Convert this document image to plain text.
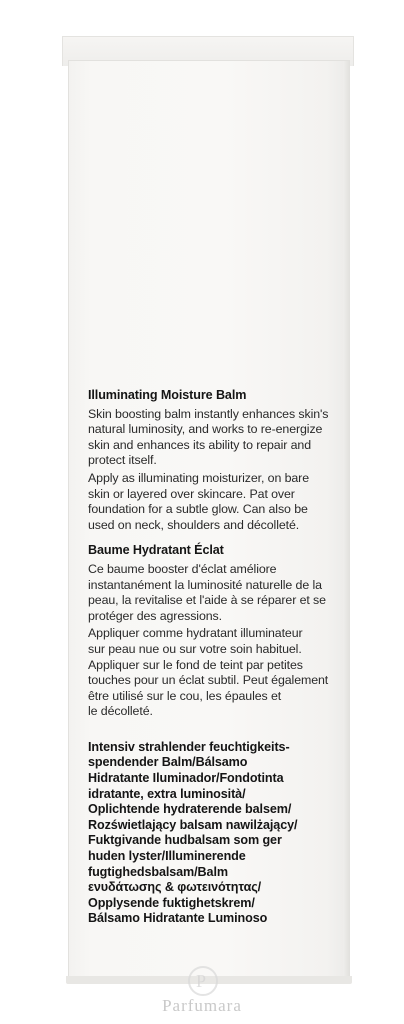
Illuminating Moisture Balm
Skin boosting balm instantly enhances skin's
natural luminosity, and works to re-energize
skin and enhances its ability to repair and
protect itself.
Apply as illuminating moisturizer, on bare
skin or layered over skincare. Pat over
foundation for a subtle glow. Can also be
used on neck, shoulders and décolleté.
Baume Hydratant Éclat
Ce baume booster d'éclat améliore
instantanément la luminosité naturelle de la
peau, la revitalise et l'aide à se réparer et se
protéger des agressions.
Appliquer comme hydratant illuminateur
sur peau nue ou sur votre soin habituel.
Appliquer sur le fond de teint par petites
touches pour un éclat subtil. Peut également
être utilisé sur le cou, les épaules et
le décolleté.
Intensiv strahlender feuchtigkeits-
spendender Balm/Bálsamo
Hidratante Iluminador/Fondotinta
idratante, extra luminosità/
Oplichtende hydraterende balsem/
Rozświetlający balsam nawilżający/
Fuktgivande hudbalsam som ger
huden lyster/Illuminerende
fugtighedsbalsam/Balm
ενυδάτωσης & φωτεινότητας/
Opplysende fuktighetskrem/
Bálsamo Hidratante Luminoso
P
Parfumara
